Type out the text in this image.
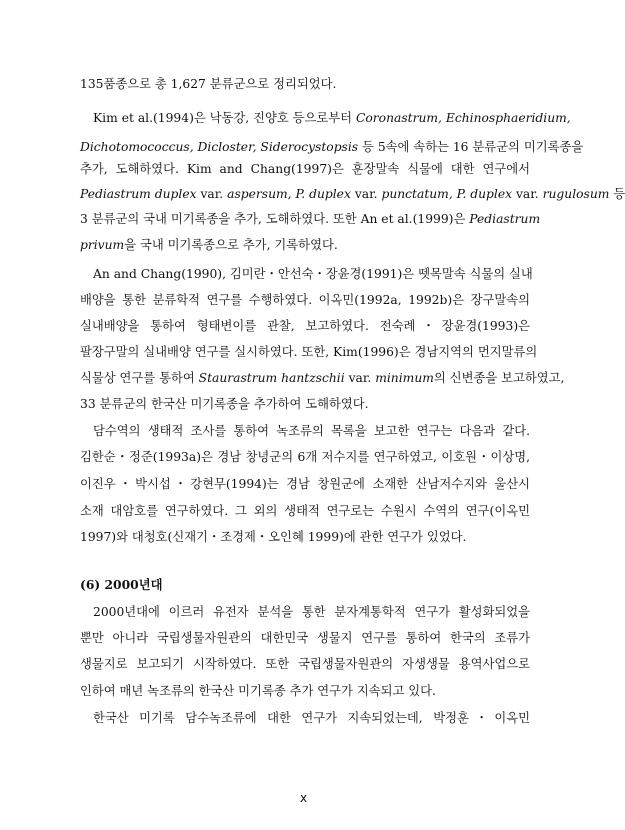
135품종으로 총 1,627 분류군으로 정리되었다.
Kim et al.(1994)은 낙동강, 진양호 등으로부터 Coronastrum, Echinosphaeridium,
Dichotomococcus, Dicloster, Siderocystopsis 등 5속에 속하는 16 분류군의 미기록종을
추가, 도해하였다. Kim and Chang(1997)은 훈장말속 식물에 대한 연구에서
Pediastrum duplex var. aspersum, P. duplex var. punctatum, P. duplex var. rugulosum 등
3 분류군의 국내 미기록종을 추가, 도해하였다. 또한 An et al.(1999)은 Pediastrum
privum을 국내 미기록종으로 추가, 기록하였다.
An and Chang(1990), 김미란・안선숙・장윤경(1991)은 뗏목말속 식물의 실내
배양을 통한 분류학적 연구를 수행하였다. 이옥민(1992a, 1992b)은 장구말속의
실내배양을 통하여 형태변이를 관찰, 보고하였다. 전숙례・장윤경(1993)은
팔장구말의 실내배양 연구를 실시하였다. 또한, Kim(1996)은 경남지역의 먼지말류의
식물상 연구를 통하여 Staurastrum hantzschii var. minimum의 신변종을 보고하였고,
33 분류군의 한국산 미기록종을 추가하여 도해하였다.
담수역의 생태적 조사를 통하여 녹조류의 목록을 보고한 연구는 다음과 같다.
김한순・정준(1993a)은 경남 창녕군의 6개 저수지를 연구하였고, 이호원・이상명,
이진우・박시섭・강현무(1994)는 경남 창원군에 소재한 산남저수지와 울산시
소재 대암호를 연구하였다. 그 외의 생태적 연구로는 수원시 수역의 연구(이옥민
1997)와 대청호(신재기・조경제・오인혜 1999)에 관한 연구가 있었다.
(6) 2000년대
2000년대에 이르러 유전자 분석을 통한 분자계통학적 연구가 활성화되었을
뿐만 아니라 국립생물자원관의 대한민국 생물지 연구를 통하여 한국의 조류가
생물지로 보고되기 시작하였다. 또한 국립생물자원관의 자생생물 용역사업으로
인하여 매년 녹조류의 한국산 미기록종 추가 연구가 지속되고 있다.
한국산 미기록 담수녹조류에 대한 연구가 지속되었는데, 박정훈・이옥민
x
